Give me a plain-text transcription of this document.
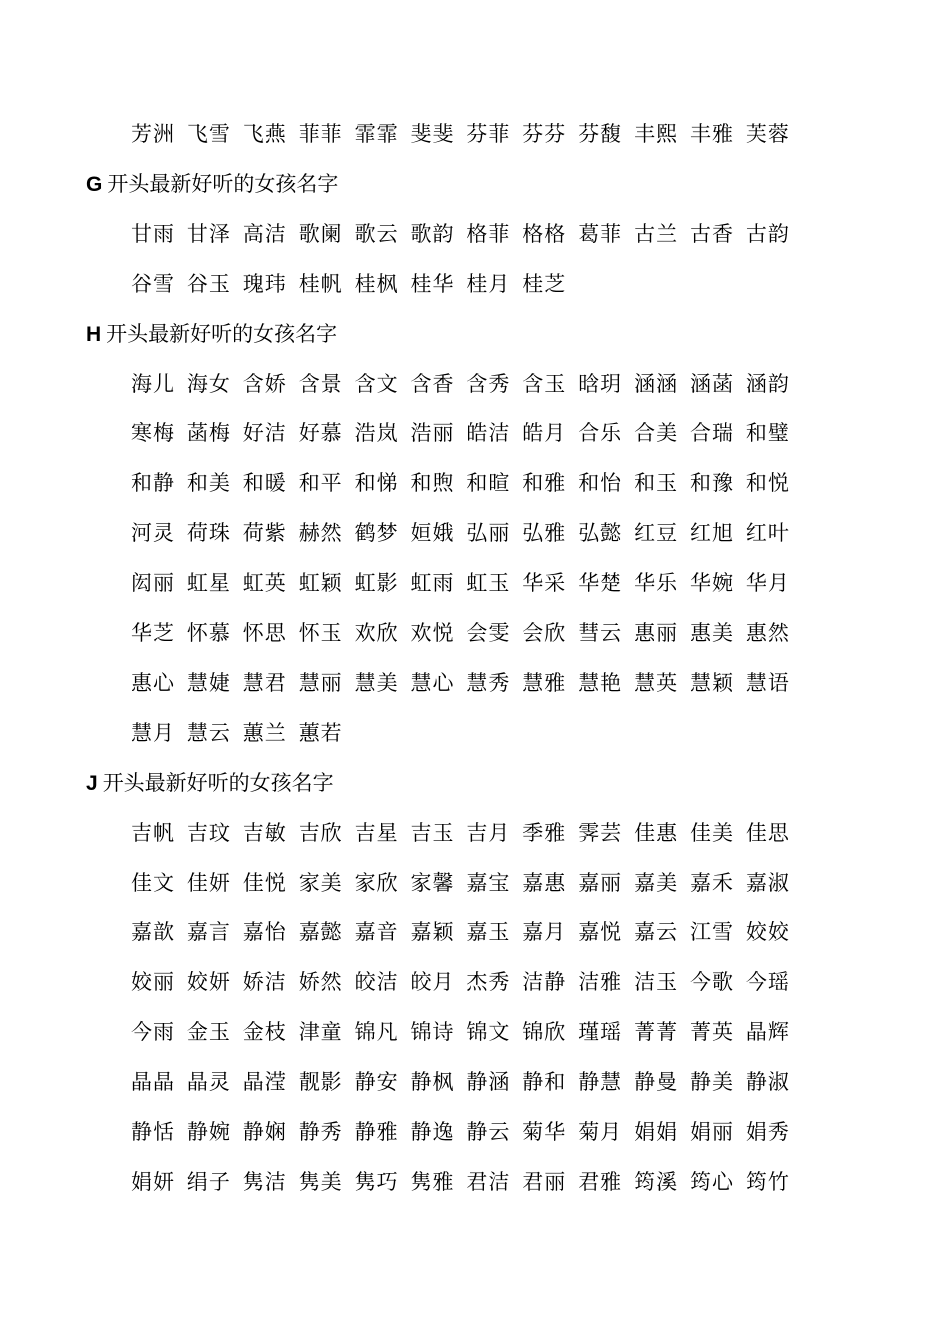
芳洲 飞雪 飞燕 菲菲 霏霏 斐斐 芬菲 芬芬 芬馥 丰熙 丰雅 芙蓉
G 开头最新好听的女孩名字
甘雨 甘泽 高洁 歌阑 歌云 歌韵 格菲 格格 葛菲 古兰 古香 古韵
谷雪 谷玉 瑰玮 桂帆 桂枫 桂华 桂月 桂芝
H 开头最新好听的女孩名字
海儿 海女 含娇 含景 含文 含香 含秀 含玉 晗玥 涵涵 涵菡 涵韵
寒梅 菡梅 好洁 好慕 浩岚 浩丽 皓洁 皓月 合乐 合美 合瑞 和璧
和静 和美 和暖 和平 和悌 和煦 和暄 和雅 和怡 和玉 和豫 和悦
河灵 荷珠 荷紫 赫然 鹤梦 姮娥 弘丽 弘雅 弘懿 红豆 红旭 红叶
闳丽 虹星 虹英 虹颖 虹影 虹雨 虹玉 华采 华楚 华乐 华婉 华月
华芝 怀慕 怀思 怀玉 欢欣 欢悦 会雯 会欣 彗云 惠丽 惠美 惠然
惠心 慧婕 慧君 慧丽 慧美 慧心 慧秀 慧雅 慧艳 慧英 慧颖 慧语
慧月 慧云 蕙兰 蕙若
J 开头最新好听的女孩名字
吉帆 吉玟 吉敏 吉欣 吉星 吉玉 吉月 季雅 霁芸 佳惠 佳美 佳思
佳文 佳妍 佳悦 家美 家欣 家馨 嘉宝 嘉惠 嘉丽 嘉美 嘉禾 嘉淑
嘉歆 嘉言 嘉怡 嘉懿 嘉音 嘉颖 嘉玉 嘉月 嘉悦 嘉云 江雪 姣姣
姣丽 姣妍 娇洁 娇然 皎洁 皎月 杰秀 洁静 洁雅 洁玉 今歌 今瑶
今雨 金玉 金枝 津童 锦凡 锦诗 锦文 锦欣 瑾瑶 菁菁 菁英 晶辉
晶晶 晶灵 晶滢 靓影 静安 静枫 静涵 静和 静慧 静曼 静美 静淑
静恬 静婉 静娴 静秀 静雅 静逸 静云 菊华 菊月 娟娟 娟丽 娟秀
娟妍 绢子 隽洁 隽美 隽巧 隽雅 君洁 君丽 君雅 筠溪 筠心 筠竹
